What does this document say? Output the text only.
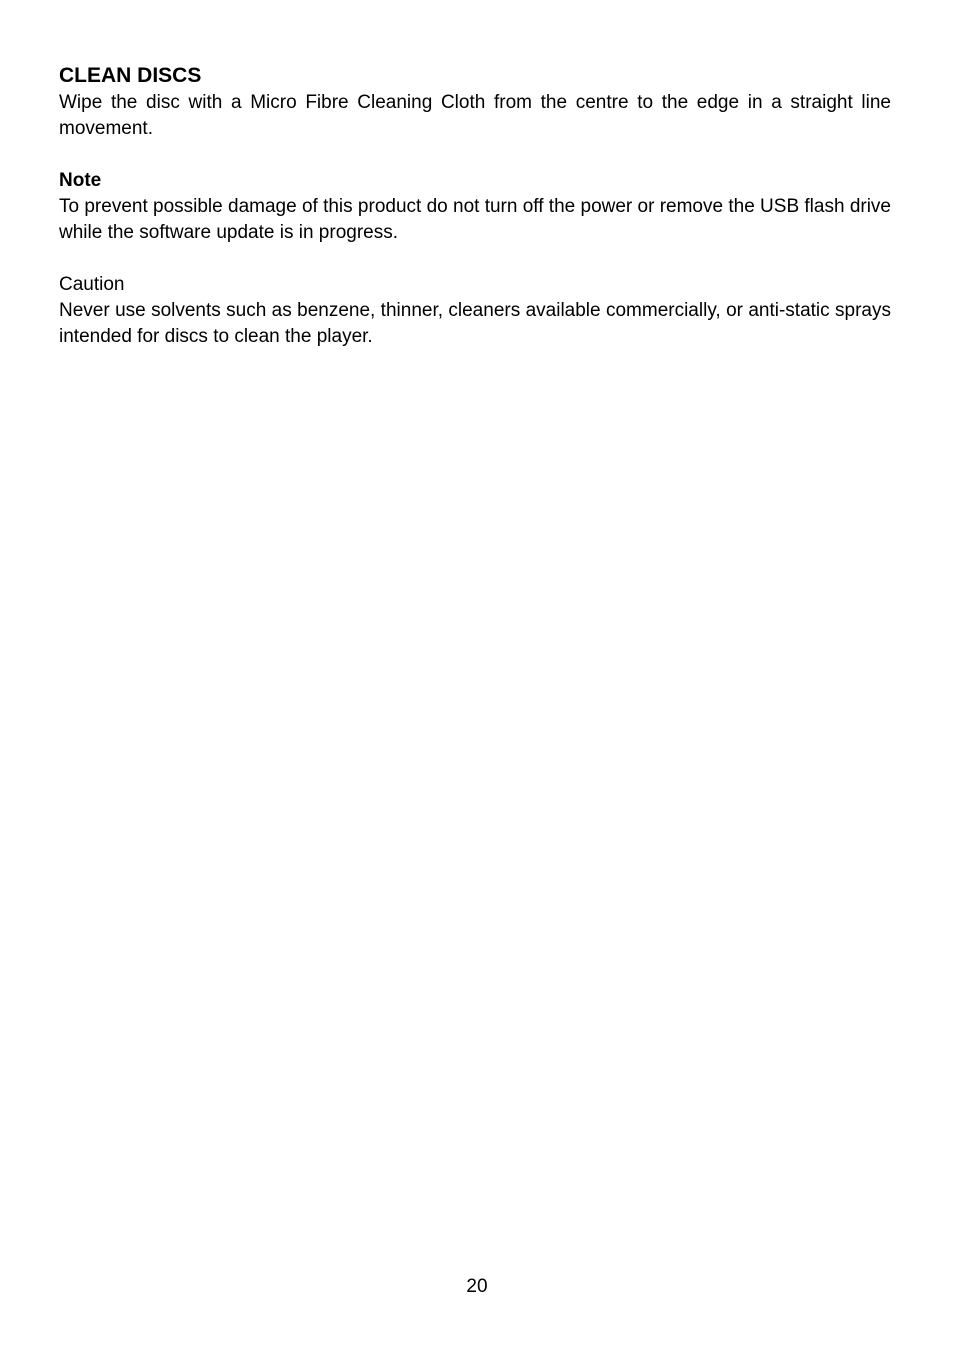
CLEAN DISCS

Wipe the disc with a Micro Fibre Cleaning Cloth from the centre to the edge in a straight line movement.

Note

To prevent possible damage of this product do not turn off the power or remove the USB flash drive while the software update is in progress.

Caution

Never use solvents such as benzene, thinner, cleaners available commercially, or anti-static sprays intended for discs to clean the player.

20
